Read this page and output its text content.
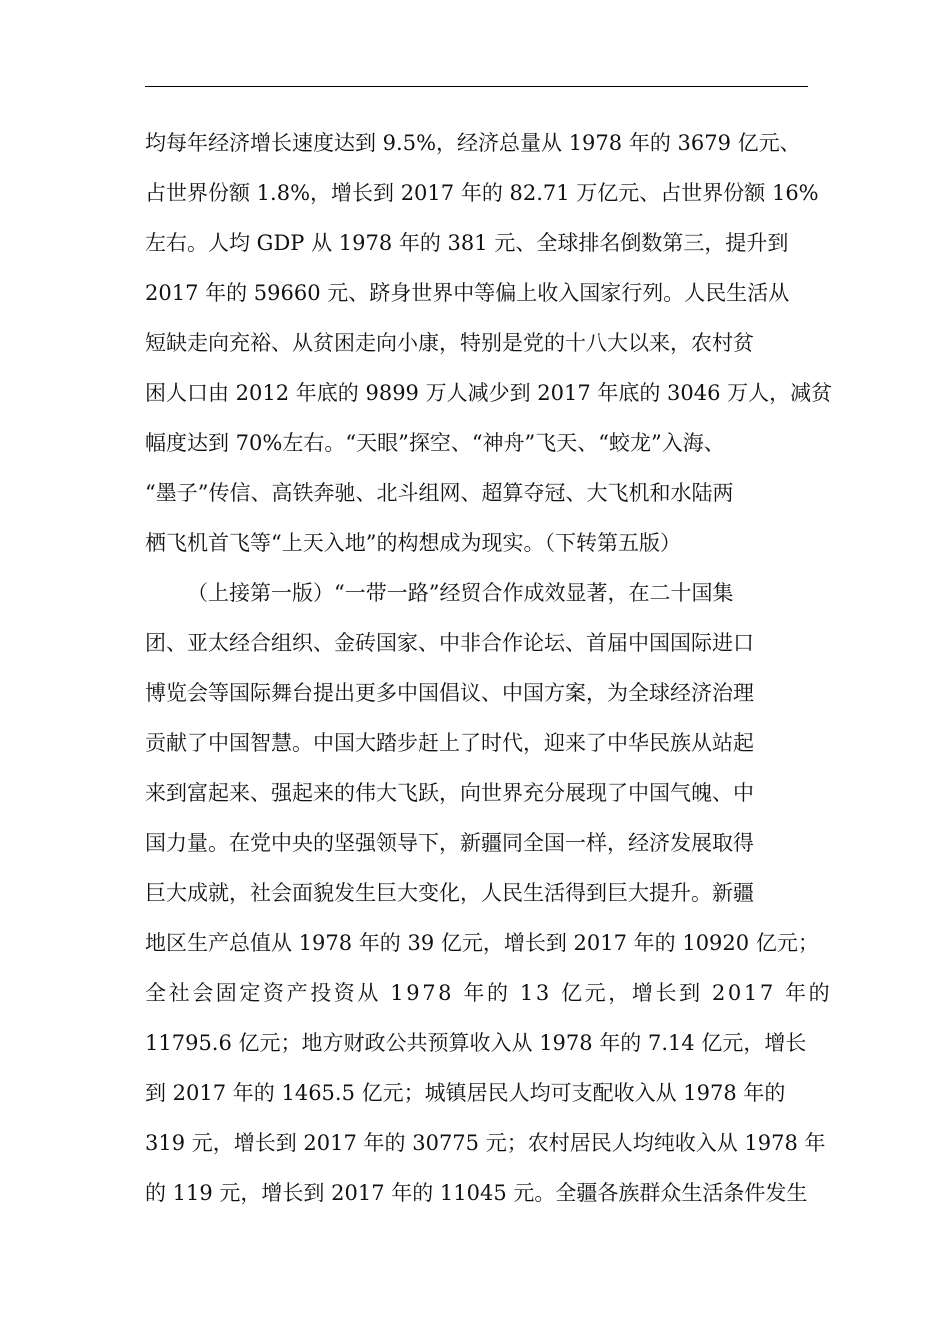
均每年经济增长速度达到 9.5%，经济总量从 1978 年的 3679 亿元、
占世界份额 1.8%，增长到 2017 年的 82.71 万亿元、占世界份额 16%
左右。人均 GDP 从 1978 年的 381 元、全球排名倒数第三，提升到
2017 年的 59660 元、跻身世界中等偏上收入国家行列。人民生活从
短缺走向充裕、从贫困走向小康，特别是党的十八大以来，农村贫
困人口由 2012 年底的 9899 万人减少到 2017 年底的 3046 万人，减贫
幅度达到 70%左右。“天眼”探空、“神舟”飞天、“蛟龙”入海、
“墨子”传信、高铁奔驰、北斗组网、超算夺冠、大飞机和水陆两
栖飞机首飞等“上天入地”的构想成为现实。（下转第五版）
（上接第一版）“一带一路”经贸合作成效显著，在二十国集
团、亚太经合组织、金砖国家、中非合作论坛、首届中国国际进口
博览会等国际舞台提出更多中国倡议、中国方案，为全球经济治理
贡献了中国智慧。中国大踏步赶上了时代，迎来了中华民族从站起
来到富起来、强起来的伟大飞跃，向世界充分展现了中国气魄、中
国力量。在党中央的坚强领导下，新疆同全国一样，经济发展取得
巨大成就，社会面貌发生巨大变化，人民生活得到巨大提升。新疆
地区生产总值从 1978 年的 39 亿元，增长到 2017 年的 10920 亿元；
全社会固定资产投资从 1978 年的 13 亿元，增长到 2017 年的
11795.6 亿元；地方财政公共预算收入从 1978 年的 7.14 亿元，增长
到 2017 年的 1465.5 亿元；城镇居民人均可支配收入从 1978 年的
319 元，增长到 2017 年的 30775 元；农村居民人均纯收入从 1978 年
的 119 元，增长到 2017 年的 11045 元。全疆各族群众生活条件发生
